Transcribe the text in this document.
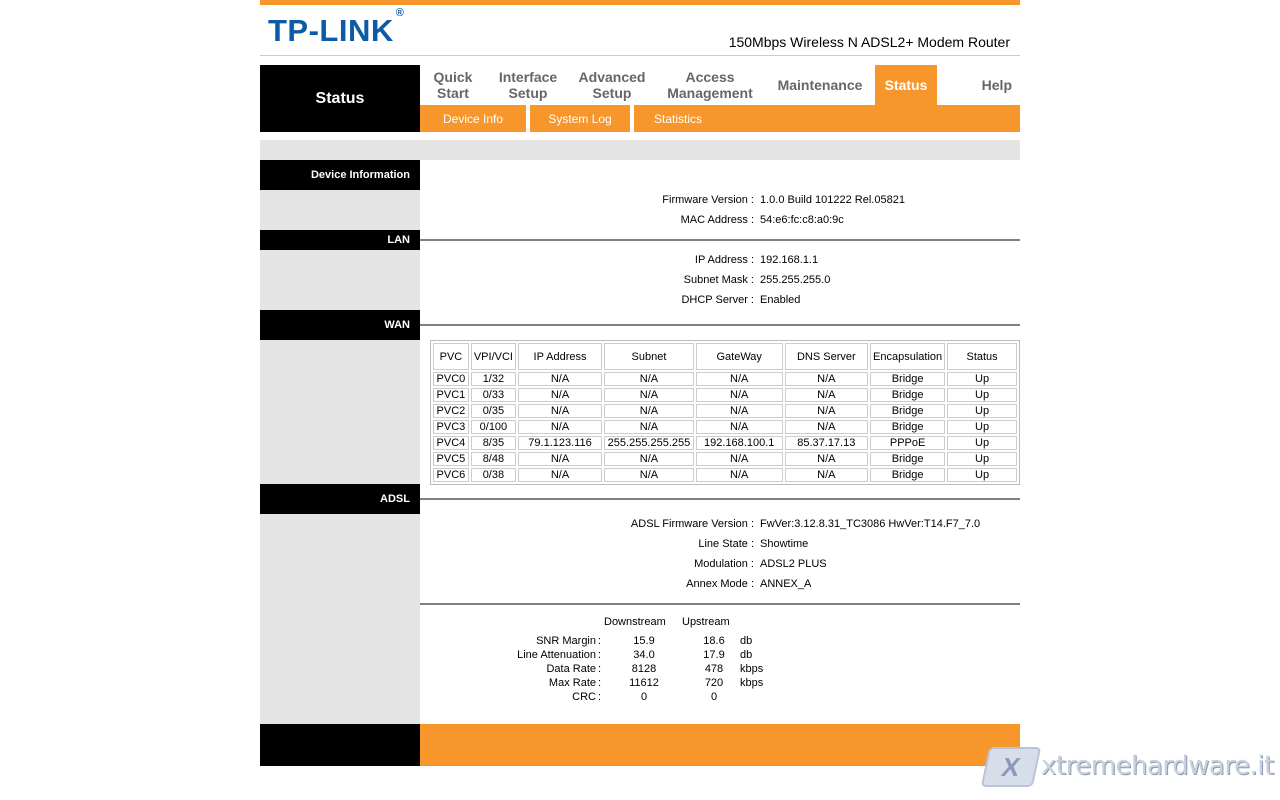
TP-LINK®
150Mbps Wireless N ADSL2+ Modem Router
Status
Quick
Start
Interface
Setup
Advanced
Setup
Access
Management Maintenance Status	Help
Device Info	System Log	Statistics
Device Information
Firmware Version : 1.0.0 Build 101222 Rel.05821
MAC Address : 54:e6:fc:c8:a0:9c
LAN
IP Address : 192.168.1.1
Subnet Mask : 255.255.255.0
DHCP Server : Enabled
WAN
PVC	VPI/VCI	IP Address	Subnet	GateWay	DNS Server	Encapsulation	Status
PVC0	1/32	N/A	N/A	N/A	N/A	Bridge	Up
PVC1	0/33	N/A	N/A	N/A	N/A	Bridge	Up
PVC2	0/35	N/A	N/A	N/A	N/A	Bridge	Up
PVC3	0/100	N/A	N/A	N/A	N/A	Bridge	Up
PVC4	8/35	79.1.123.116	255.255.255.255	192.168.100.1	85.37.17.13	PPPoE	Up
PVC5	8/48	N/A	N/A	N/A	N/A	Bridge	Up
PVC6	0/38	N/A	N/A	N/A	N/A	Bridge	Up
ADSL
ADSL Firmware Version : FwVer:3.12.8.31_TC3086 HwVer:T14.F7_7.0
Line State : Showtime
Modulation : ADSL2 PLUS
Annex Mode : ANNEX_A
Downstream Upstream
SNR Margin :	15.9	18.6	db
Line Attenuation :	34.0	17.9	db
Data Rate :	8128	478	kbps
Max Rate :	11612	720	kbps
CRC :	0	0
X xtremehardware.it
